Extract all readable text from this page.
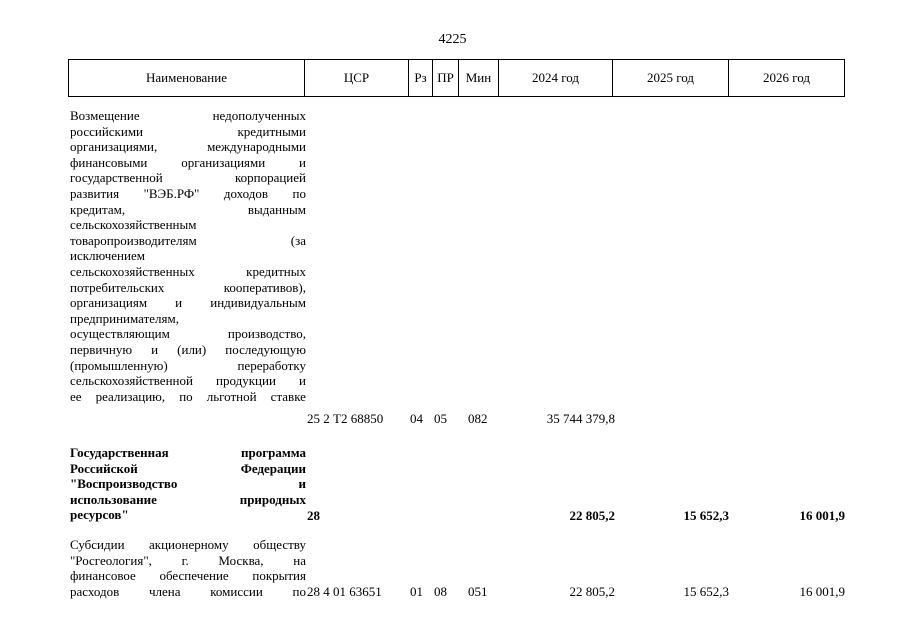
4225
Наименование	ЦСР	Рз	ПР	Мин	2024 год	2025 год	2026 год
Возмещение	недополученных
российскими	кредитными
организациями,	международными
финансовыми	организациями	и
государственной	корпорацией
развития "ВЭБ.РФ" доходов по
кредитам,	выданным
сельскохозяйственным
товаропроизводителям	(за
исключением
сельскохозяйственных	кредитных
потребительских	кооперативов),
организациям и индивидуальным
предпринимателям,
осуществляющим	производство,
первичную и (или) последующую
(промышленную)	переработку
сельскохозяйственной продукции и
ее реализацию, по льготной ставке
25 2 Т2 68850 04 05 082	35 744 379,8
Государственная	программа
Российской	Федерации
"Воспроизводство	и
использование	природных
ресурсов"	28	22 805,2	15 652,3	16 001,9
Субсидии акционерному обществу
"Росгеология", г. Москва, на
финансовое обеспечение покрытия
расходов члена комиссии по 28 4 01 63651 01 08 051	22 805,2	15 652,3	16 001,9
